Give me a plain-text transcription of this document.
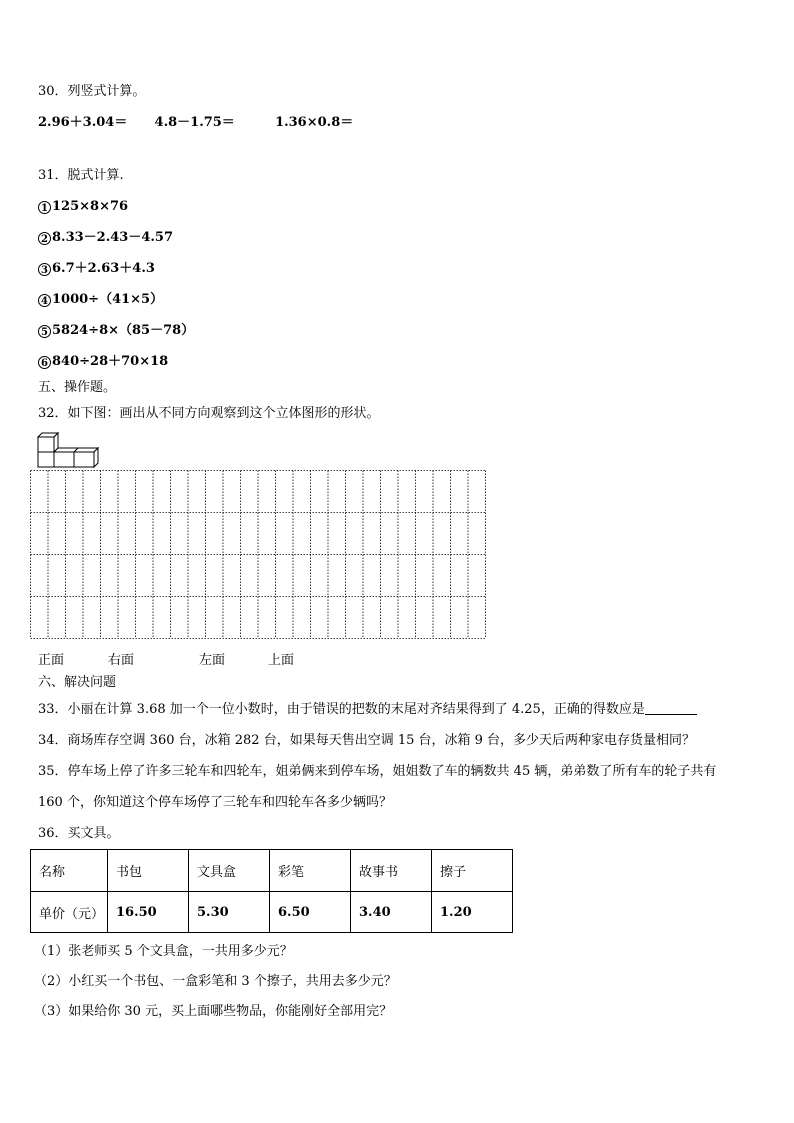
30．列竖式计算。
2.96＋3.04＝ 4.8－1.75＝	1.36×0.8＝
31．脱式计算.
1 125×8×76
2 8.33－2.43－4.57
3 6.7＋2.63＋4.3
4 1000÷（41×5）
5 5824÷8×（85－78）
6 840÷28＋70×18
五、操作题。
32．如下图：画出从不同方向观察到这个立体图形的形状。
正面	右面	左面	上面
六、解决问题
33．小丽在计算 3.68 加一个一位小数时，由于错误的把数的末尾对齐结果得到了 4.25，正确的得数应是
34．商场库存空调 360 台，冰箱 282 台，如果每天售出空调 15 台，冰箱 9 台，多少天后两种家电存货量相同？
35．停车场上停了许多三轮车和四轮车，姐弟俩来到停车场，姐姐数了车的辆数共 45 辆，弟弟数了所有车的轮子共有
160 个，你知道这个停车场停了三轮车和四轮车各多少辆吗？
36．买文具。
名称	书包	文具盒	彩笔	故事书	擦子
单价（元）	16.50	5.30	6.50	3.40	1.20
（1）张老师买 5 个文具盒，一共用多少元？
（2）小红买一个书包、一盒彩笔和 3 个擦子，共用去多少元？
（3）如果给你 30 元，买上面哪些物品，你能刚好全部用完？
